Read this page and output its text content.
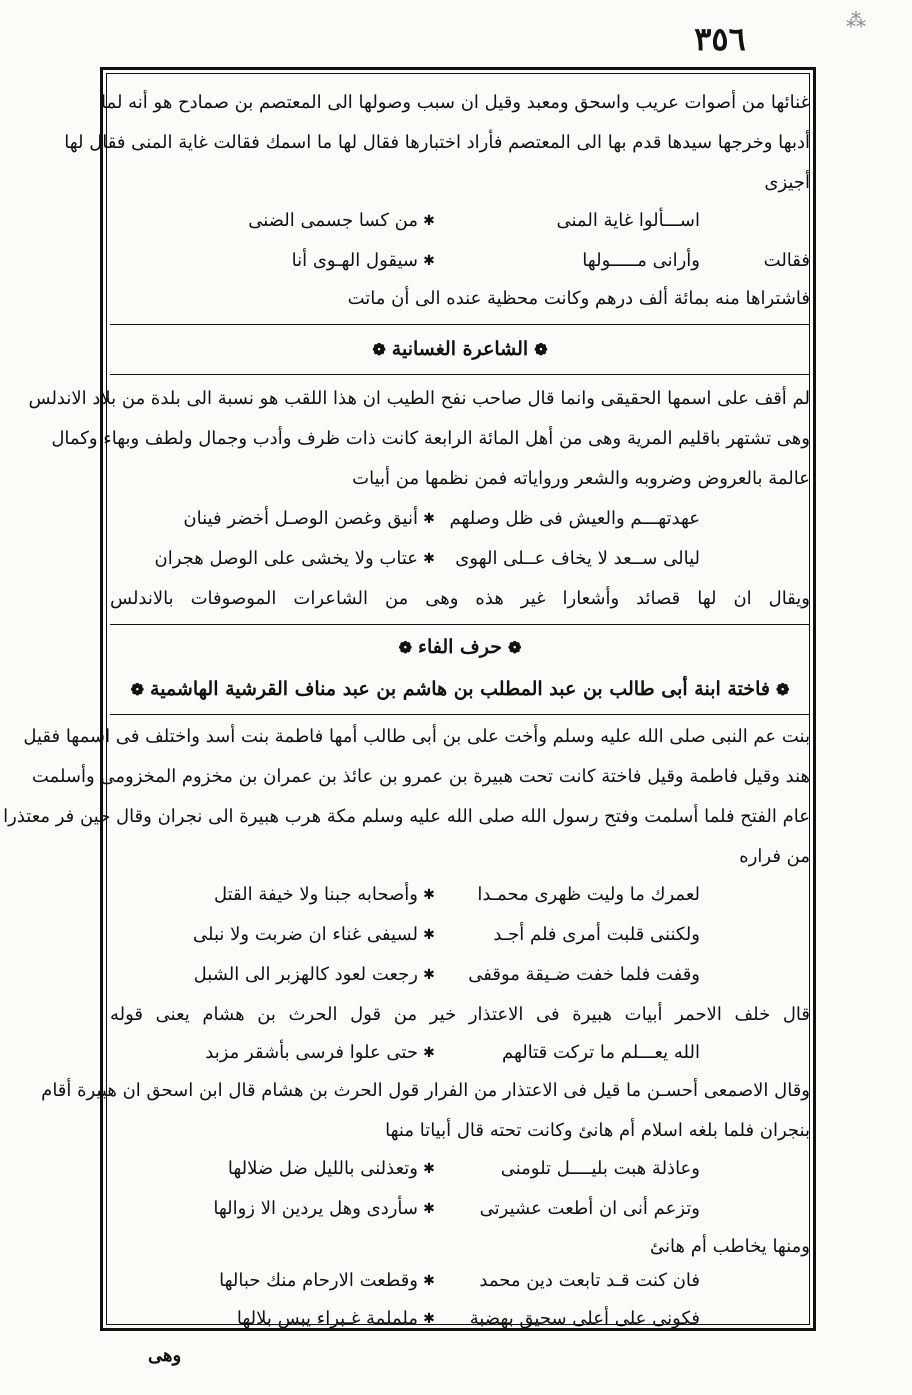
٣٥٦	⁂
غنائها من أصوات عريب واسحق ومعبد وقيل ان سبب وصولها الى المعتصم بن صمادح هو أنه لما
أدبها وخرجها سيدها قدم بها الى المعتصم فأراد اختبارها فقال لها ما اسمك فقالت غاية المنى فقال لها
أجيزى
اســـألوا غاية المنى
✱
من كسا جسمى الضنى
فقالت
وأرانى مـــــولها
✱
سيقول الهـوى أنا
فاشتراها منه بمائة ألف درهم وكانت محظية عنده الى أن ماتت
❁الشاعرة الغسانية❁
لم أقف على اسمها الحقيقى وانما قال صاحب نفح الطيب ان هذا اللقب هو نسبة الى بلدة من بلاد الاندلس
وهى تشتهر باقليم المرية وهى من أهل المائة الرابعة كانت ذات ظرف وأدب وجمال ولطف وبهاء وكمال
عالمة بالعروض وضروبه والشعر ورواياته فمن نظمها من أبيات
عهدتهـــم والعيش فى ظل وصلهم
✱
أنيق وغصن الوصـل أخضر فينان
ليالى ســعد لا يخاف عــلى الهوى
✱
عتاب ولا يخشى على الوصل هجران
ويقال ان لها قصائد وأشعارا غير هذه وهى من الشاعرات الموصوفات بالاندلس
❁حرف الفاء❁
❁فاختة ابنة أبى طالب بن عبد المطلب بن هاشم بن عبد مناف القرشية الهاشمية❁
بنت عم النبى صلى الله عليه وسلم وأخت على بن أبى طالب أمها فاطمة بنت أسد واختلف فى اسمها فقيل
هند وقيل فاطمة وقيل فاختة كانت تحت هبيرة بن عمرو بن عائذ بن عمران بن مخزوم المخزومى وأسلمت
عام الفتح فلما أسلمت وفتح رسول الله صلى الله عليه وسلم مكة هرب هبيرة الى نجران وقال حين فر معتذرا
من فراره
لعمرك ما وليت ظهرى محمـدا
✱
وأصحابه جبنا ولا خيفة القتل
ولكننى قلبت أمرى فلم أجـد
✱
لسيفى غناء ان ضربت ولا نبلى
وقفت فلما خفت ضـيقة موقفى
✱
رجعت لعود كالهزبر الى الشبل
قال خلف الاحمر أبيات هبيرة فى الاعتذار خير من قول الحرث بن هشام يعنى قوله
الله يعـــلم ما تركت قتالهم
✱
حتى علوا فرسى بأشقر مزبد
وقال الاصمعى أحسـن ما قيل فى الاعتذار من الفرار قول الحرث بن هشام قال ابن اسحق ان هبيرة أقام
بنجران فلما بلغه اسلام أم هانئ وكانت تحته قال أبياتا منها
وعاذلة هبت بليــــل تلومنى
✱
وتعذلنى بالليل ضل ضلالها
وتزعم أنى ان أطعت عشيرتى
✱
سأردى وهل يردين الا زوالها
ومنها يخاطب أم هانئ
فان كنت قـد تابعت دين محمد
✱
وقطعت الارحام منك حبالها
فكونى على أعلى سحيق بهضبة
✱
ململمة غـبراء يبس بلالها
وهى
